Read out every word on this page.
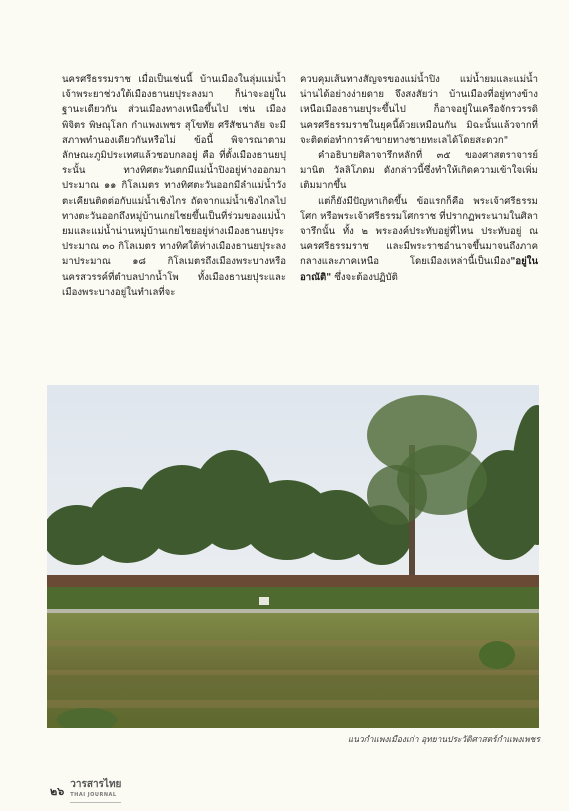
นครศรีธรรมราช เมื่อเป็นเช่นนี้ บ้านเมืองในลุ่มแม่น้ำเจ้าพระยาช่วงใต้เมืองธานยปุระลงมา ก็น่าจะอยู่ในฐานะเดียวกัน ส่วนเมืองทางเหนือขึ้นไป เช่น เมืองพิจิตร พิษณุโลก กำแพงเพชร สุโขทัย ศรีสัชนาลัย จะมีสภาพทำนองเดียวกันหรือไม่ ข้อนี้ พิจารณาตามลักษณะภูมิประเทศแล้วชอบกลอยู่ คือ ที่ตั้งเมืองธานยปุระนั้น ทางทิศตะวันตกมีแม่น้ำปิงอยู่ห่างออกมาประมาณ ๑๑ กิโลเมตร ทางทิศตะวันออกมีลำแม่น้ำวังตะเคียนติดต่อกับแม่น้ำเชิงไกร ถัดจากแม่น้ำเชิงไกลไปทางตะวันออกถึงหมู่บ้านเกยไชยขึ้นเป็นที่ร่วมของแม่น้ำยมและแม่น้ำน่านหมู่บ้านเกยไชยอยู่ห่างเมืองธานยปุระประมาณ ๓๐ กิโลเมตร ทางทิศใต้ห่างเมืองธานยปุระลงมาประมาณ ๑๘ กิโลเมตรถึงเมืองพระบางหรือนครสวรรค์ที่ตำบลปากน้ำโพ ทั้งเมืองธานยปุระและเมืองพระบางอยู่ในทำเลที่จะ

ควบคุมเส้นทางสัญจรของแม่น้ำปิง แม่น้ำยมและแม่น้ำน่านได้อย่างง่ายดาย จึงสงสัยว่า บ้านเมืองที่อยู่ทางข้างเหนือเมืองธานยปุระขึ้นไป ก็อาจอยู่ในเครือจักรวรรดินครศรีธรรมราชในยุคนี้ด้วยเหมือนกัน มิฉะนั้นแล้วจากที่จะติดต่อทำการค้าขายทางชายทะเลได้โดยสะดวก"

คำอธิบายศิลาจารึกหลักที่ ๓๕ ของศาสตราจารย์มานิต วัลลิโภดม ดังกล่าวนี้ซึ่งทำให้เกิดความเข้าใจเพิ่มเติมมากขึ้น

แต่ก็ยังมีปัญหาเกิดขึ้น ข้อแรกก็คือ พระเจ้าศรีธรรมโศก หรือพระเจ้าศรีธรรมโศกราช ที่ปรากฏพระนามในศิลาจารึกนั้น ทั้ง ๒ พระองค์ประทับอยู่ที่ไหน ประทับอยู่ ณ นครศรีธรรมราช และมีพระราชอำนาจขึ้นมาจนถึงภาคกลางและภาคเหนือ โดยเมืองเหล่านี้เป็นเมือง"อยู่ในอาณัติ" ซึ่งจะต้องปฏิบัติ

แนวกำแพงเมืองเก่า อุทยานประวัติศาสตร์กำแพงเพชร
๒๖
วารสารไทย
THAI JOURNAL
